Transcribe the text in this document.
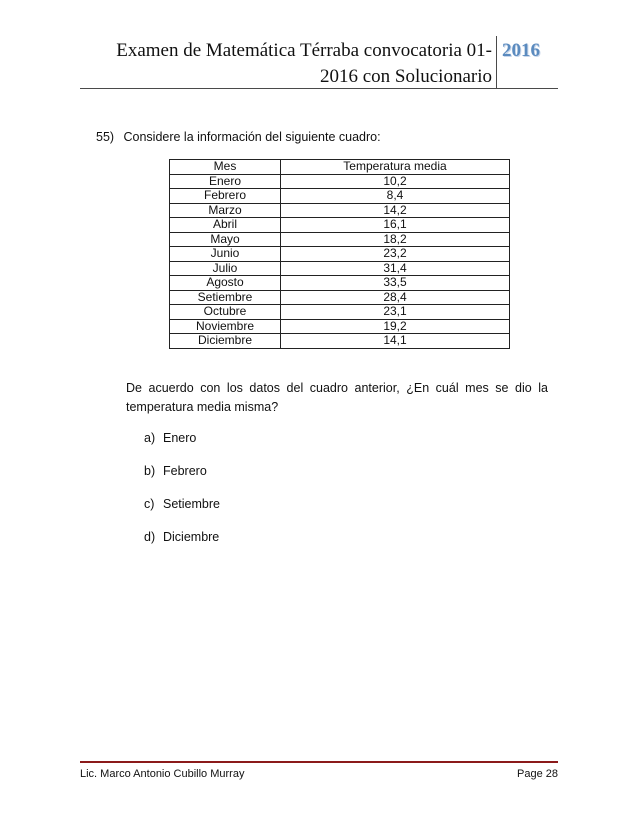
Examen de Matemática Térraba convocatoria 01-
2016 con Solucionario
2016
55) Considere la información del siguiente cuadro:
Mes	Temperatura media
Enero	10,2
Febrero	8,4
Marzo	14,2
Abril	16,1
Mayo	18,2
Junio	23,2
Julio	31,4
Agosto	33,5
Setiembre	28,4
Octubre	23,1
Noviembre	19,2
Diciembre	14,1
De acuerdo con los datos del cuadro anterior, ¿En cuál mes se dio la temperatura media misma?
a) Enero
b) Febrero
c) Setiembre
d) Diciembre
Lic. Marco Antonio Cubillo Murray	Page 28
